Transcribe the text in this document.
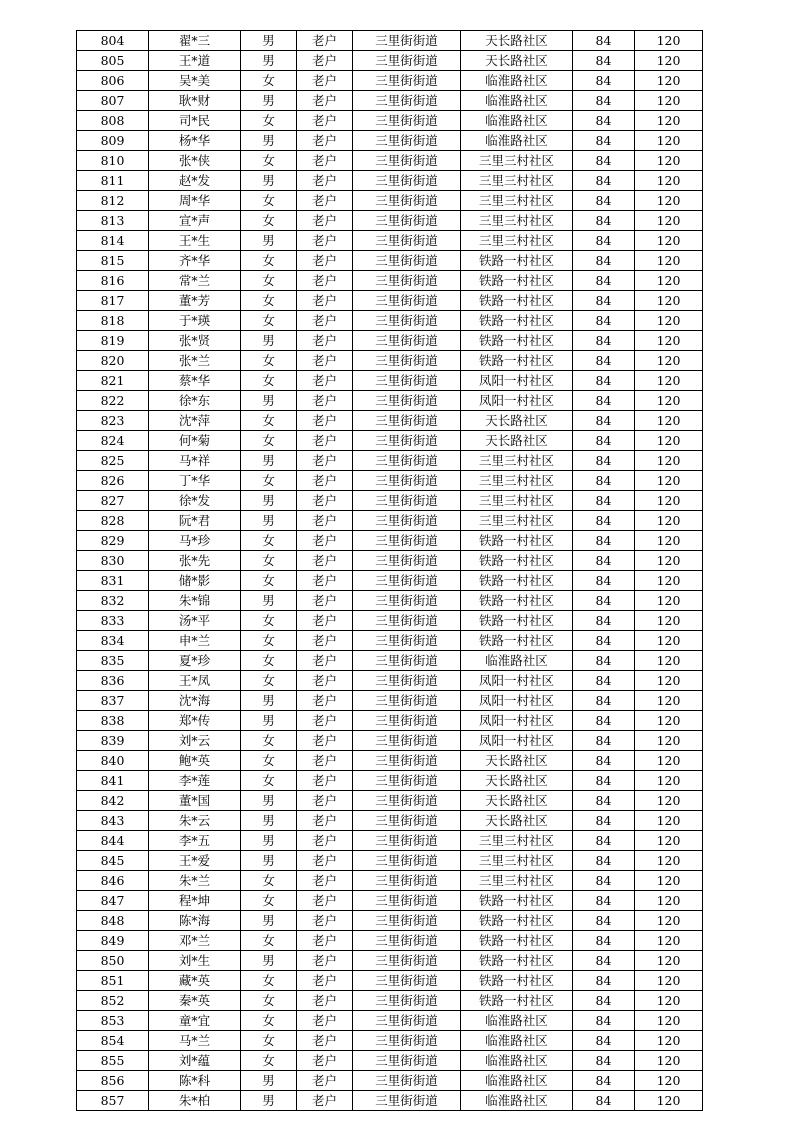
804	翟*三	男	老户	三里街街道	天长路社区	84	120
805	王*道	男	老户	三里街街道	天长路社区	84	120
806	吴*美	女	老户	三里街街道	临淮路社区	84	120
807	耿*财	男	老户	三里街街道	临淮路社区	84	120
808	司*民	女	老户	三里街街道	临淮路社区	84	120
809	杨*华	男	老户	三里街街道	临淮路社区	84	120
810	张*侠	女	老户	三里街街道	三里三村社区	84	120
811	赵*发	男	老户	三里街街道	三里三村社区	84	120
812	周*华	女	老户	三里街街道	三里三村社区	84	120
813	宣*声	女	老户	三里街街道	三里三村社区	84	120
814	王*生	男	老户	三里街街道	三里三村社区	84	120
815	齐*华	女	老户	三里街街道	铁路一村社区	84	120
816	常*兰	女	老户	三里街街道	铁路一村社区	84	120
817	董*芳	女	老户	三里街街道	铁路一村社区	84	120
818	于*瑛	女	老户	三里街街道	铁路一村社区	84	120
819	张*贤	男	老户	三里街街道	铁路一村社区	84	120
820	张*兰	女	老户	三里街街道	铁路一村社区	84	120
821	蔡*华	女	老户	三里街街道	凤阳一村社区	84	120
822	徐*东	男	老户	三里街街道	凤阳一村社区	84	120
823	沈*萍	女	老户	三里街街道	天长路社区	84	120
824	何*菊	女	老户	三里街街道	天长路社区	84	120
825	马*祥	男	老户	三里街街道	三里三村社区	84	120
826	丁*华	女	老户	三里街街道	三里三村社区	84	120
827	徐*发	男	老户	三里街街道	三里三村社区	84	120
828	阮*君	男	老户	三里街街道	三里三村社区	84	120
829	马*珍	女	老户	三里街街道	铁路一村社区	84	120
830	张*先	女	老户	三里街街道	铁路一村社区	84	120
831	储*影	女	老户	三里街街道	铁路一村社区	84	120
832	朱*锦	男	老户	三里街街道	铁路一村社区	84	120
833	汤*平	女	老户	三里街街道	铁路一村社区	84	120
834	申*兰	女	老户	三里街街道	铁路一村社区	84	120
835	夏*珍	女	老户	三里街街道	临淮路社区	84	120
836	王*凤	女	老户	三里街街道	凤阳一村社区	84	120
837	沈*海	男	老户	三里街街道	凤阳一村社区	84	120
838	郑*传	男	老户	三里街街道	凤阳一村社区	84	120
839	刘*云	女	老户	三里街街道	凤阳一村社区	84	120
840	鲍*英	女	老户	三里街街道	天长路社区	84	120
841	李*莲	女	老户	三里街街道	天长路社区	84	120
842	董*国	男	老户	三里街街道	天长路社区	84	120
843	朱*云	男	老户	三里街街道	天长路社区	84	120
844	李*五	男	老户	三里街街道	三里三村社区	84	120
845	王*爱	男	老户	三里街街道	三里三村社区	84	120
846	朱*兰	女	老户	三里街街道	三里三村社区	84	120
847	程*坤	女	老户	三里街街道	铁路一村社区	84	120
848	陈*海	男	老户	三里街街道	铁路一村社区	84	120
849	邓*兰	女	老户	三里街街道	铁路一村社区	84	120
850	刘*生	男	老户	三里街街道	铁路一村社区	84	120
851	藏*英	女	老户	三里街街道	铁路一村社区	84	120
852	秦*英	女	老户	三里街街道	铁路一村社区	84	120
853	童*宜	女	老户	三里街街道	临淮路社区	84	120
854	马*兰	女	老户	三里街街道	临淮路社区	84	120
855	刘*蕴	女	老户	三里街街道	临淮路社区	84	120
856	陈*科	男	老户	三里街街道	临淮路社区	84	120
857	朱*柏	男	老户	三里街街道	临淮路社区	84	120
